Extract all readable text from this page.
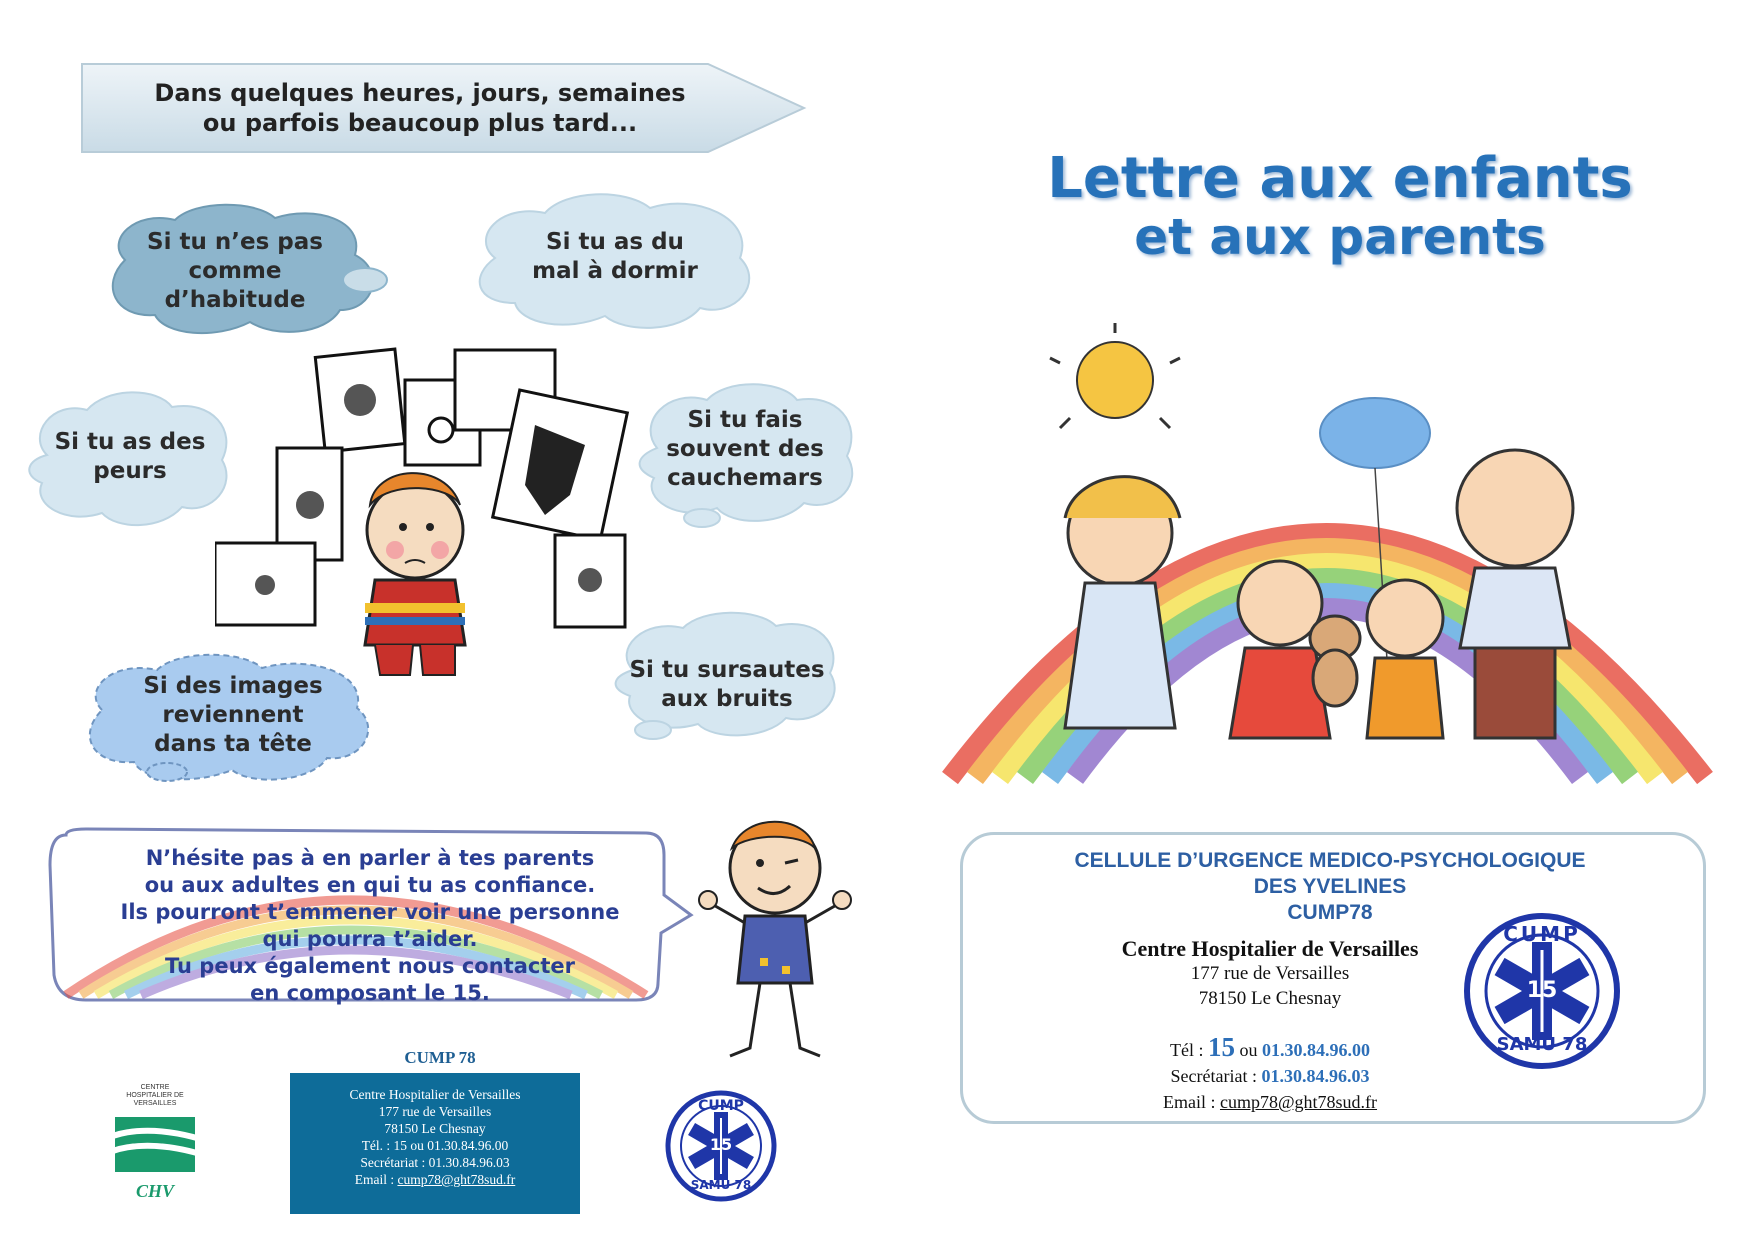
Dans quelques heures, jours, semaines
ou parfois beaucoup plus tard...
Si tu n’es pas
comme
d’habitude
Si tu as du
mal à dormir
Si tu as des
peurs
Si tu fais
souvent des
cauchemars
Si des images
reviennent
dans ta tête
Si tu sursautes
aux bruits
N’hésite pas à en parler à tes parents
ou aux adultes en qui tu as confiance.
Ils pourront t’emmener voir une personne
qui pourra t’aider.
Tu peux également nous contacter
en composant le 15.
CENTRE HOSPITALIER DE VERSAILLES
CHV
CUMP 78
Centre Hospitalier de Versailles
177 rue de Versailles
78150 Le Chesnay
Tél. : 15 ou 01.30.84.96.00
Secrétariat : 01.30.84.96.03
Email : cump78@ght78sud.fr
CUMP
15
SAMU 78
Lettre aux enfants
et aux parents
CELLULE D’URGENCE MEDICO-PSYCHOLOGIQUE
DES YVELINES
CUMP78
Centre Hospitalier de Versailles
177 rue de Versailles
78150 Le Chesnay
Tél : 15 ou 01.30.84.96.00
Secrétariat : 01.30.84.96.03
Email : cump78@ght78sud.fr
CUMP
15
SAMU 78
